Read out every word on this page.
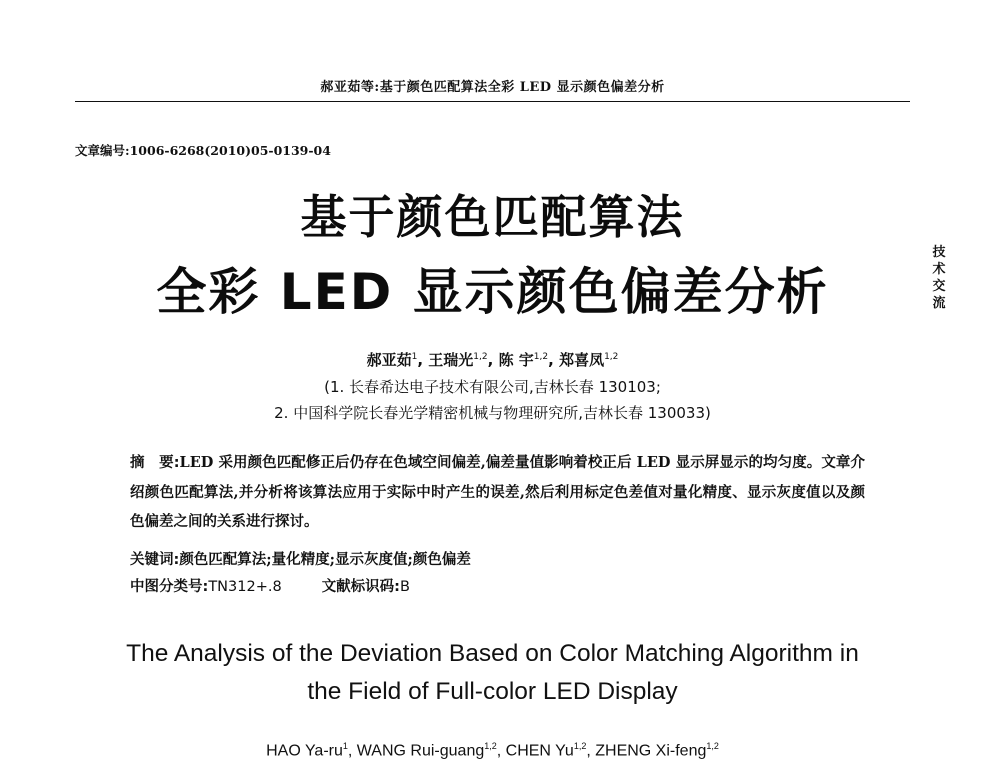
郝亚茹等:基于颜色匹配算法全彩 LED 显示颜色偏差分析
文章编号:1006-6268(2010)05-0139-04
基于颜色匹配算法
全彩 LED 显示颜色偏差分析
技
术
交
流
郝亚茹$^1$, 王瑞光$^{1,2}$, 陈 宇$^{1,2}$, 郑喜凤$^{1,2}$
(1. 长春希达电子技术有限公司,吉林长春 130103;
2. 中国科学院长春光学精密机械与物理研究所,吉林长春 130033)
摘　要:LED 采用颜色匹配修正后仍存在色域空间偏差,偏差量值影响着校正后 LED 显示屏显示的均匀度。文章介绍颜色匹配算法,并分析将该算法应用于实际中时产生的误差,然后利用标定色差值对量化精度、显示灰度值以及颜色偏差之间的关系进行探讨。
关键词:颜色匹配算法;量化精度;显示灰度值;颜色偏差
中图分类号:TN312+.8	文献标识码:B
The Analysis of the Deviation Based on Color Matching Algorithm in
the Field of Full-color LED Display
HAO $Ya-ru^1$, WANG Rui-guang$^{1,2}$, CHEN Yu$^{1,2}$, ZHENG Xi-feng$^{1,2}$
